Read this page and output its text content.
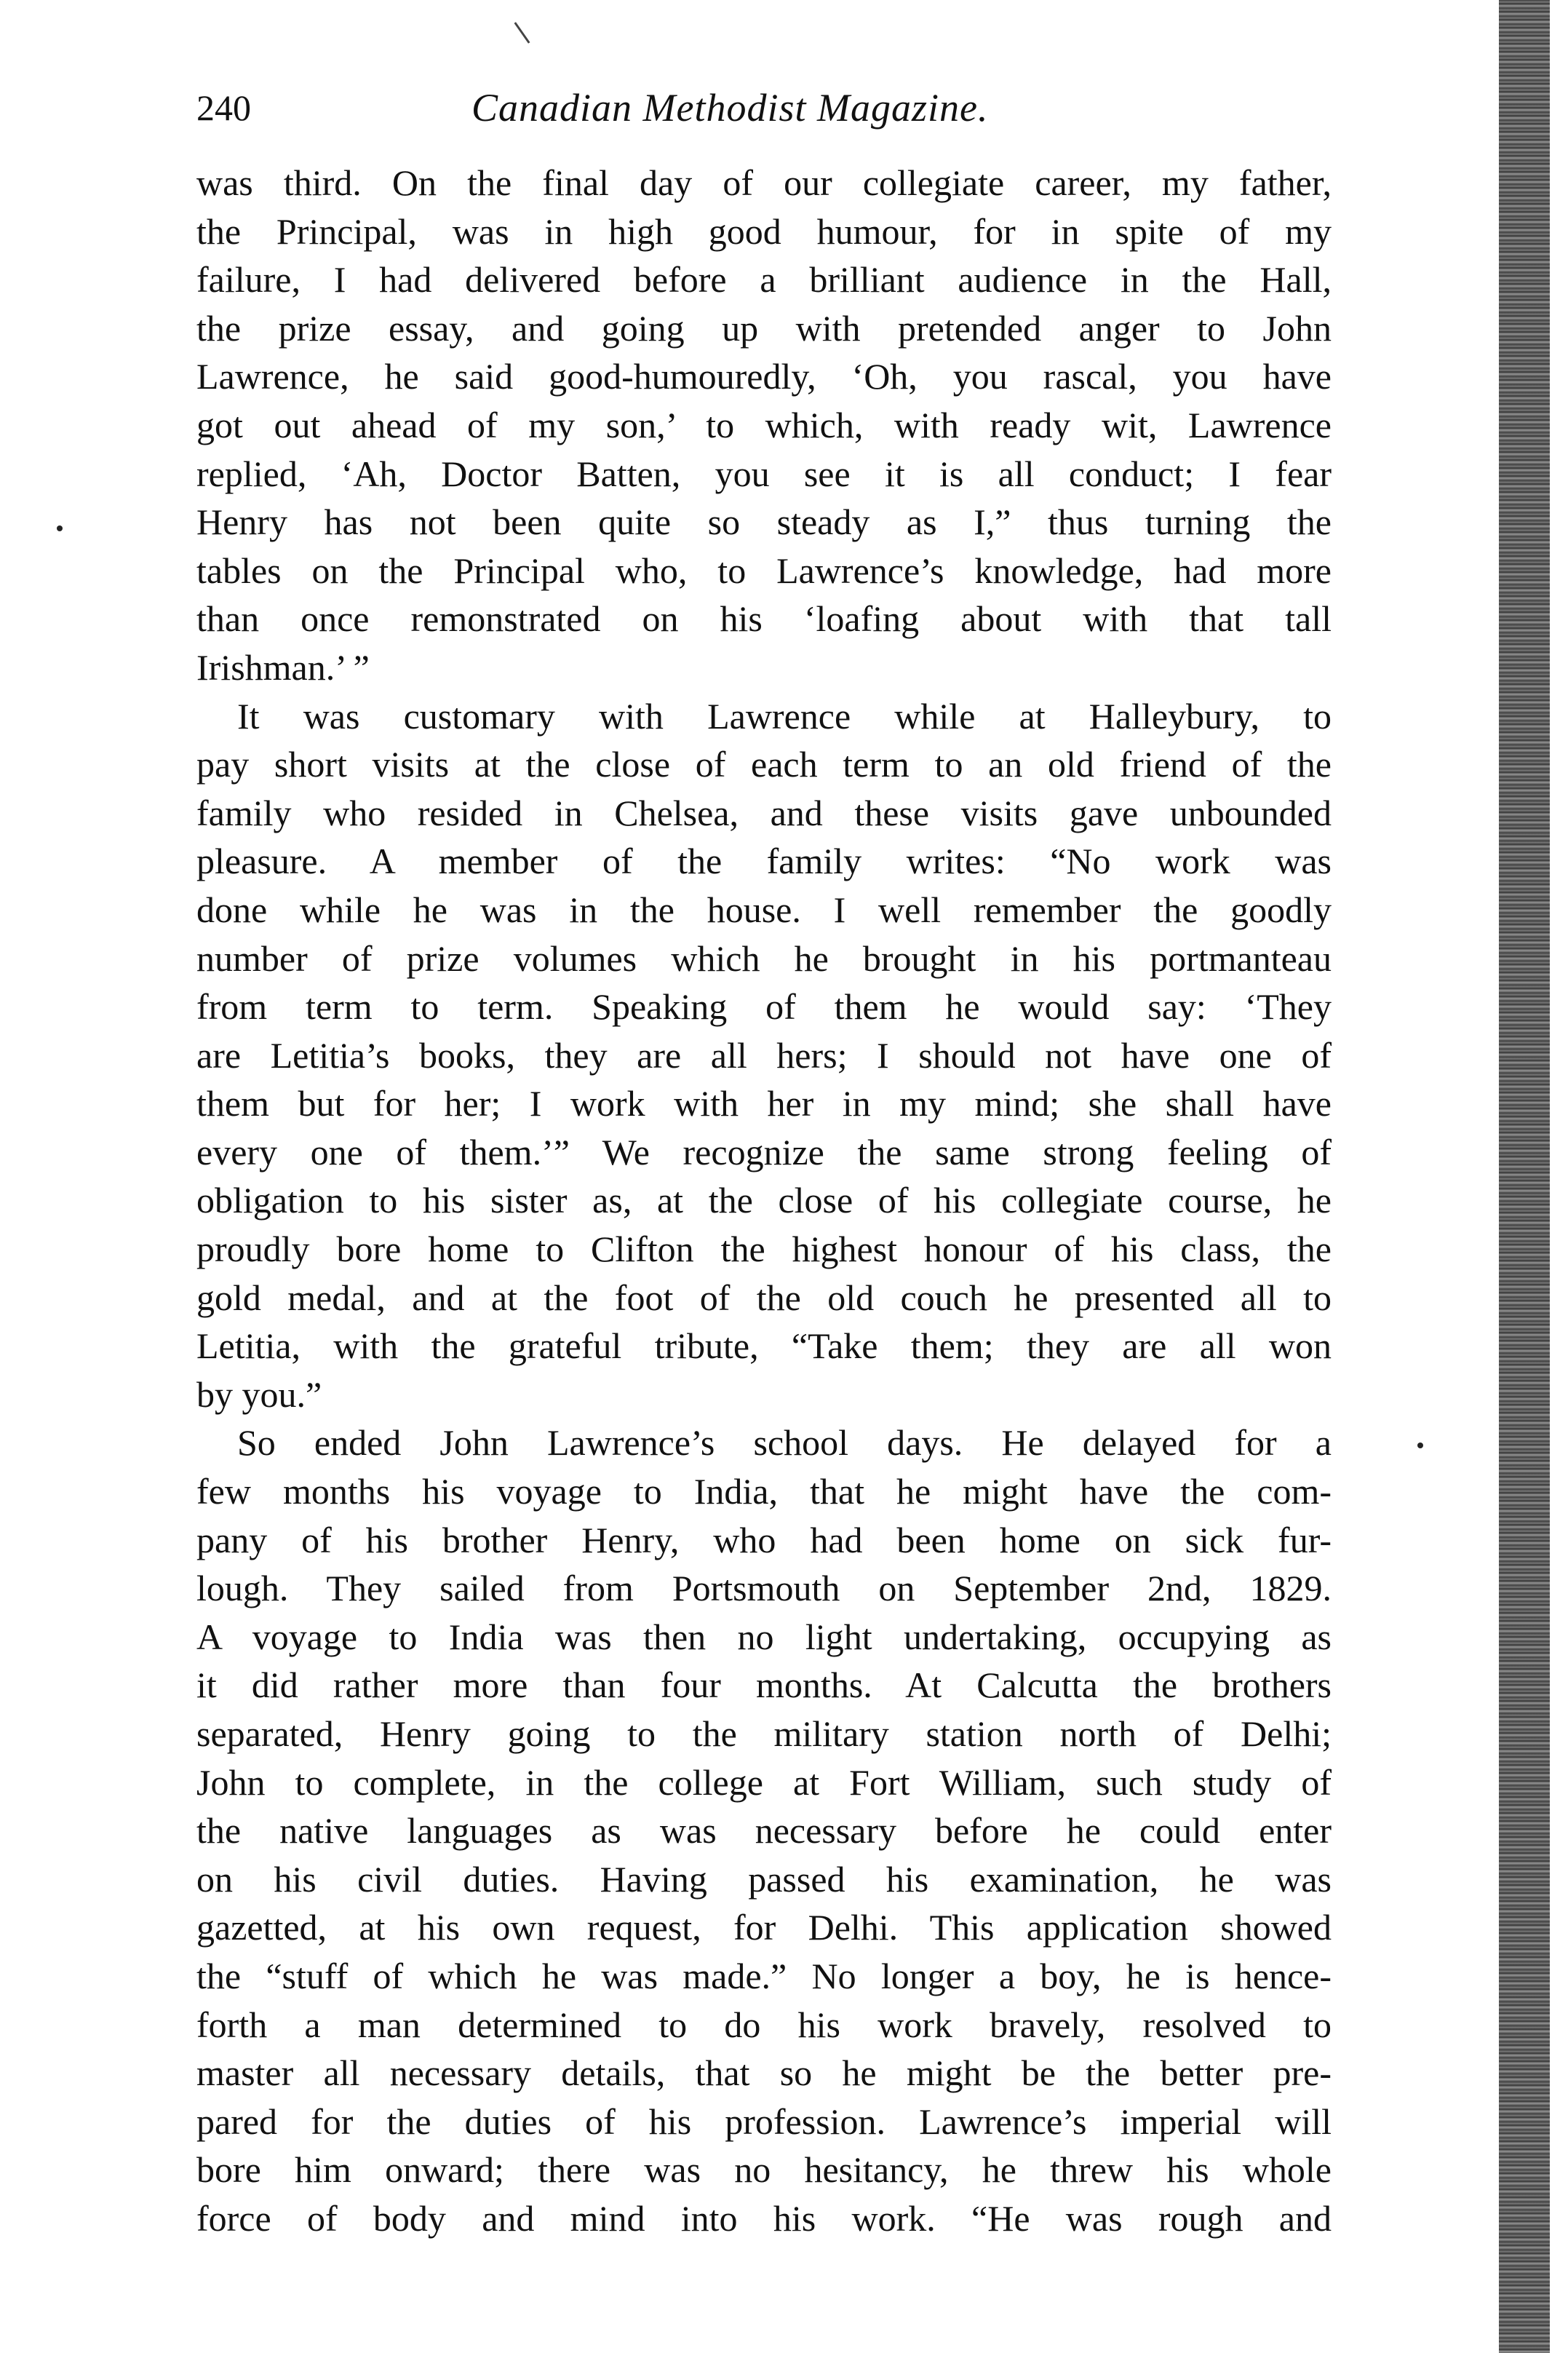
240	Canadian Methodist Magazine.
was third. On the final day of our collegiate career, my father,
the Principal, was in high good humour, for in spite of my
failure, I had delivered before a brilliant audience in the Hall,
the prize essay, and going up with pretended anger to John
Lawrence, he said good-humouredly, ‘Oh, you rascal, you have
got out ahead of my son,’ to which, with ready wit, Lawrence
replied, ‘Ah, Doctor Batten, you see it is all conduct; I fear
Henry has not been quite so steady as I,” thus turning the
tables on the Principal who, to Lawrence’s knowledge, had more
than once remonstrated on his ‘loafing about with that tall
Irishman.’ ”
It was customary with Lawrence while at Halleybury, to
pay short visits at the close of each term to an old friend of the
family who resided in Chelsea, and these visits gave unbounded
pleasure. A member of the family writes: “No work was
done while he was in the house. I well remember the goodly
number of prize volumes which he brought in his portmanteau
from term to term. Speaking of them he would say: ‘They
are Letitia’s books, they are all hers; I should not have one of
them but for her; I work with her in my mind; she shall have
every one of them.’” We recognize the same strong feeling of
obligation to his sister as, at the close of his collegiate course, he
proudly bore home to Clifton the highest honour of his class, the
gold medal, and at the foot of the old couch he presented all to
Letitia, with the grateful tribute, “Take them; they are all won
by you.”
So ended John Lawrence’s school days. He delayed for a
few months his voyage to India, that he might have the com-
pany of his brother Henry, who had been home on sick fur-
lough. They sailed from Portsmouth on September 2nd, 1829.
A voyage to India was then no light undertaking, occupying as
it did rather more than four months. At Calcutta the brothers
separated, Henry going to the military station north of Delhi;
John to complete, in the college at Fort William, such study of
the native languages as was necessary before he could enter
on his civil duties. Having passed his examination, he was
gazetted, at his own request, for Delhi. This application showed
the “stuff of which he was made.” No longer a boy, he is hence-
forth a man determined to do his work bravely, resolved to
master all necessary details, that so he might be the better pre-
pared for the duties of his profession. Lawrence’s imperial will
bore him onward; there was no hesitancy, he threw his whole
force of body and mind into his work. “He was rough and
